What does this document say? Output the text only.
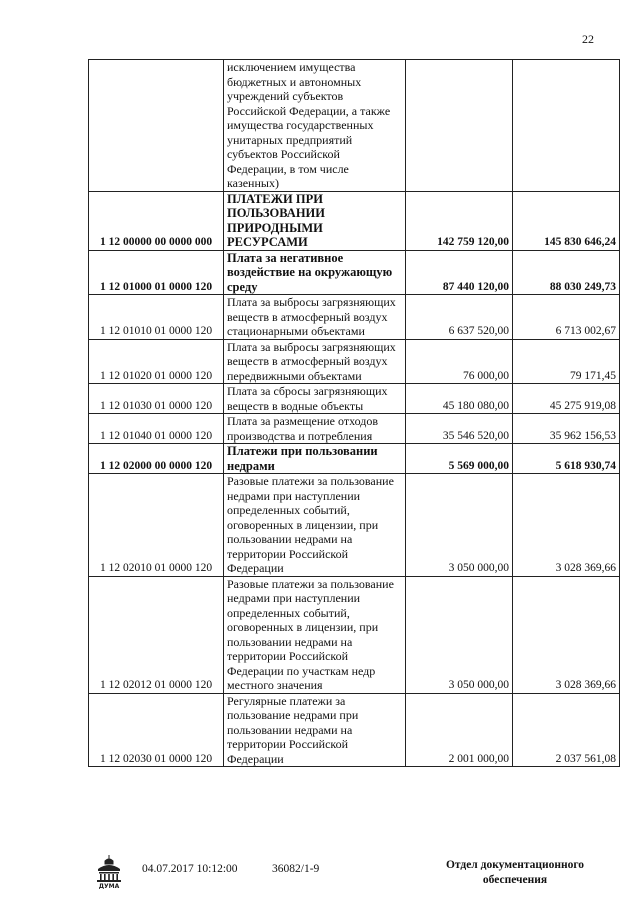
22
	исключением имущества бюджетных и автономных учреждений субъектов Российской Федерации, а также имущества государственных унитарных предприятий субъектов Российской Федерации, в том числе казенных)		
1 12 00000 00 0000 000	ПЛАТЕЖИ ПРИ ПОЛЬЗОВАНИИ ПРИРОДНЫМИ РЕСУРСАМИ	142 759 120,00	145 830 646,24
1 12 01000 01 0000 120	Плата за негативное воздействие на окружающую среду	87 440 120,00	88 030 249,73
1 12 01010 01 0000 120	Плата за выбросы загрязняющих веществ в атмосферный воздух стационарными объектами	6 637 520,00	6 713 002,67
1 12 01020 01 0000 120	Плата за выбросы загрязняющих веществ в атмосферный воздух передвижными объектами	76 000,00	79 171,45
1 12 01030 01 0000 120	Плата за сбросы загрязняющих веществ в водные объекты	45 180 080,00	45 275 919,08
1 12 01040 01 0000 120	Плата за размещение отходов производства и потребления	35 546 520,00	35 962 156,53
1 12 02000 00 0000 120	Платежи при пользовании недрами	5 569 000,00	5 618 930,74
1 12 02010 01 0000 120	Разовые платежи за пользование недрами при наступлении определенных событий, оговоренных в лицензии, при пользовании недрами на территории Российской Федерации	3 050 000,00	3 028 369,66
1 12 02012 01 0000 120	Разовые платежи за пользование недрами при наступлении определенных событий, оговоренных в лицензии, при пользовании недрами на территории Российской Федерации по участкам недр местного значения	3 050 000,00	3 028 369,66
1 12 02030 01 0000 120	Регулярные платежи за пользование недрами при пользовании недрами на территории Российской Федерации	2 001 000,00	2 037 561,08
ДУМА
04.07.2017 10:12:00	36082/1-9	Отдел документационного обеспечения
